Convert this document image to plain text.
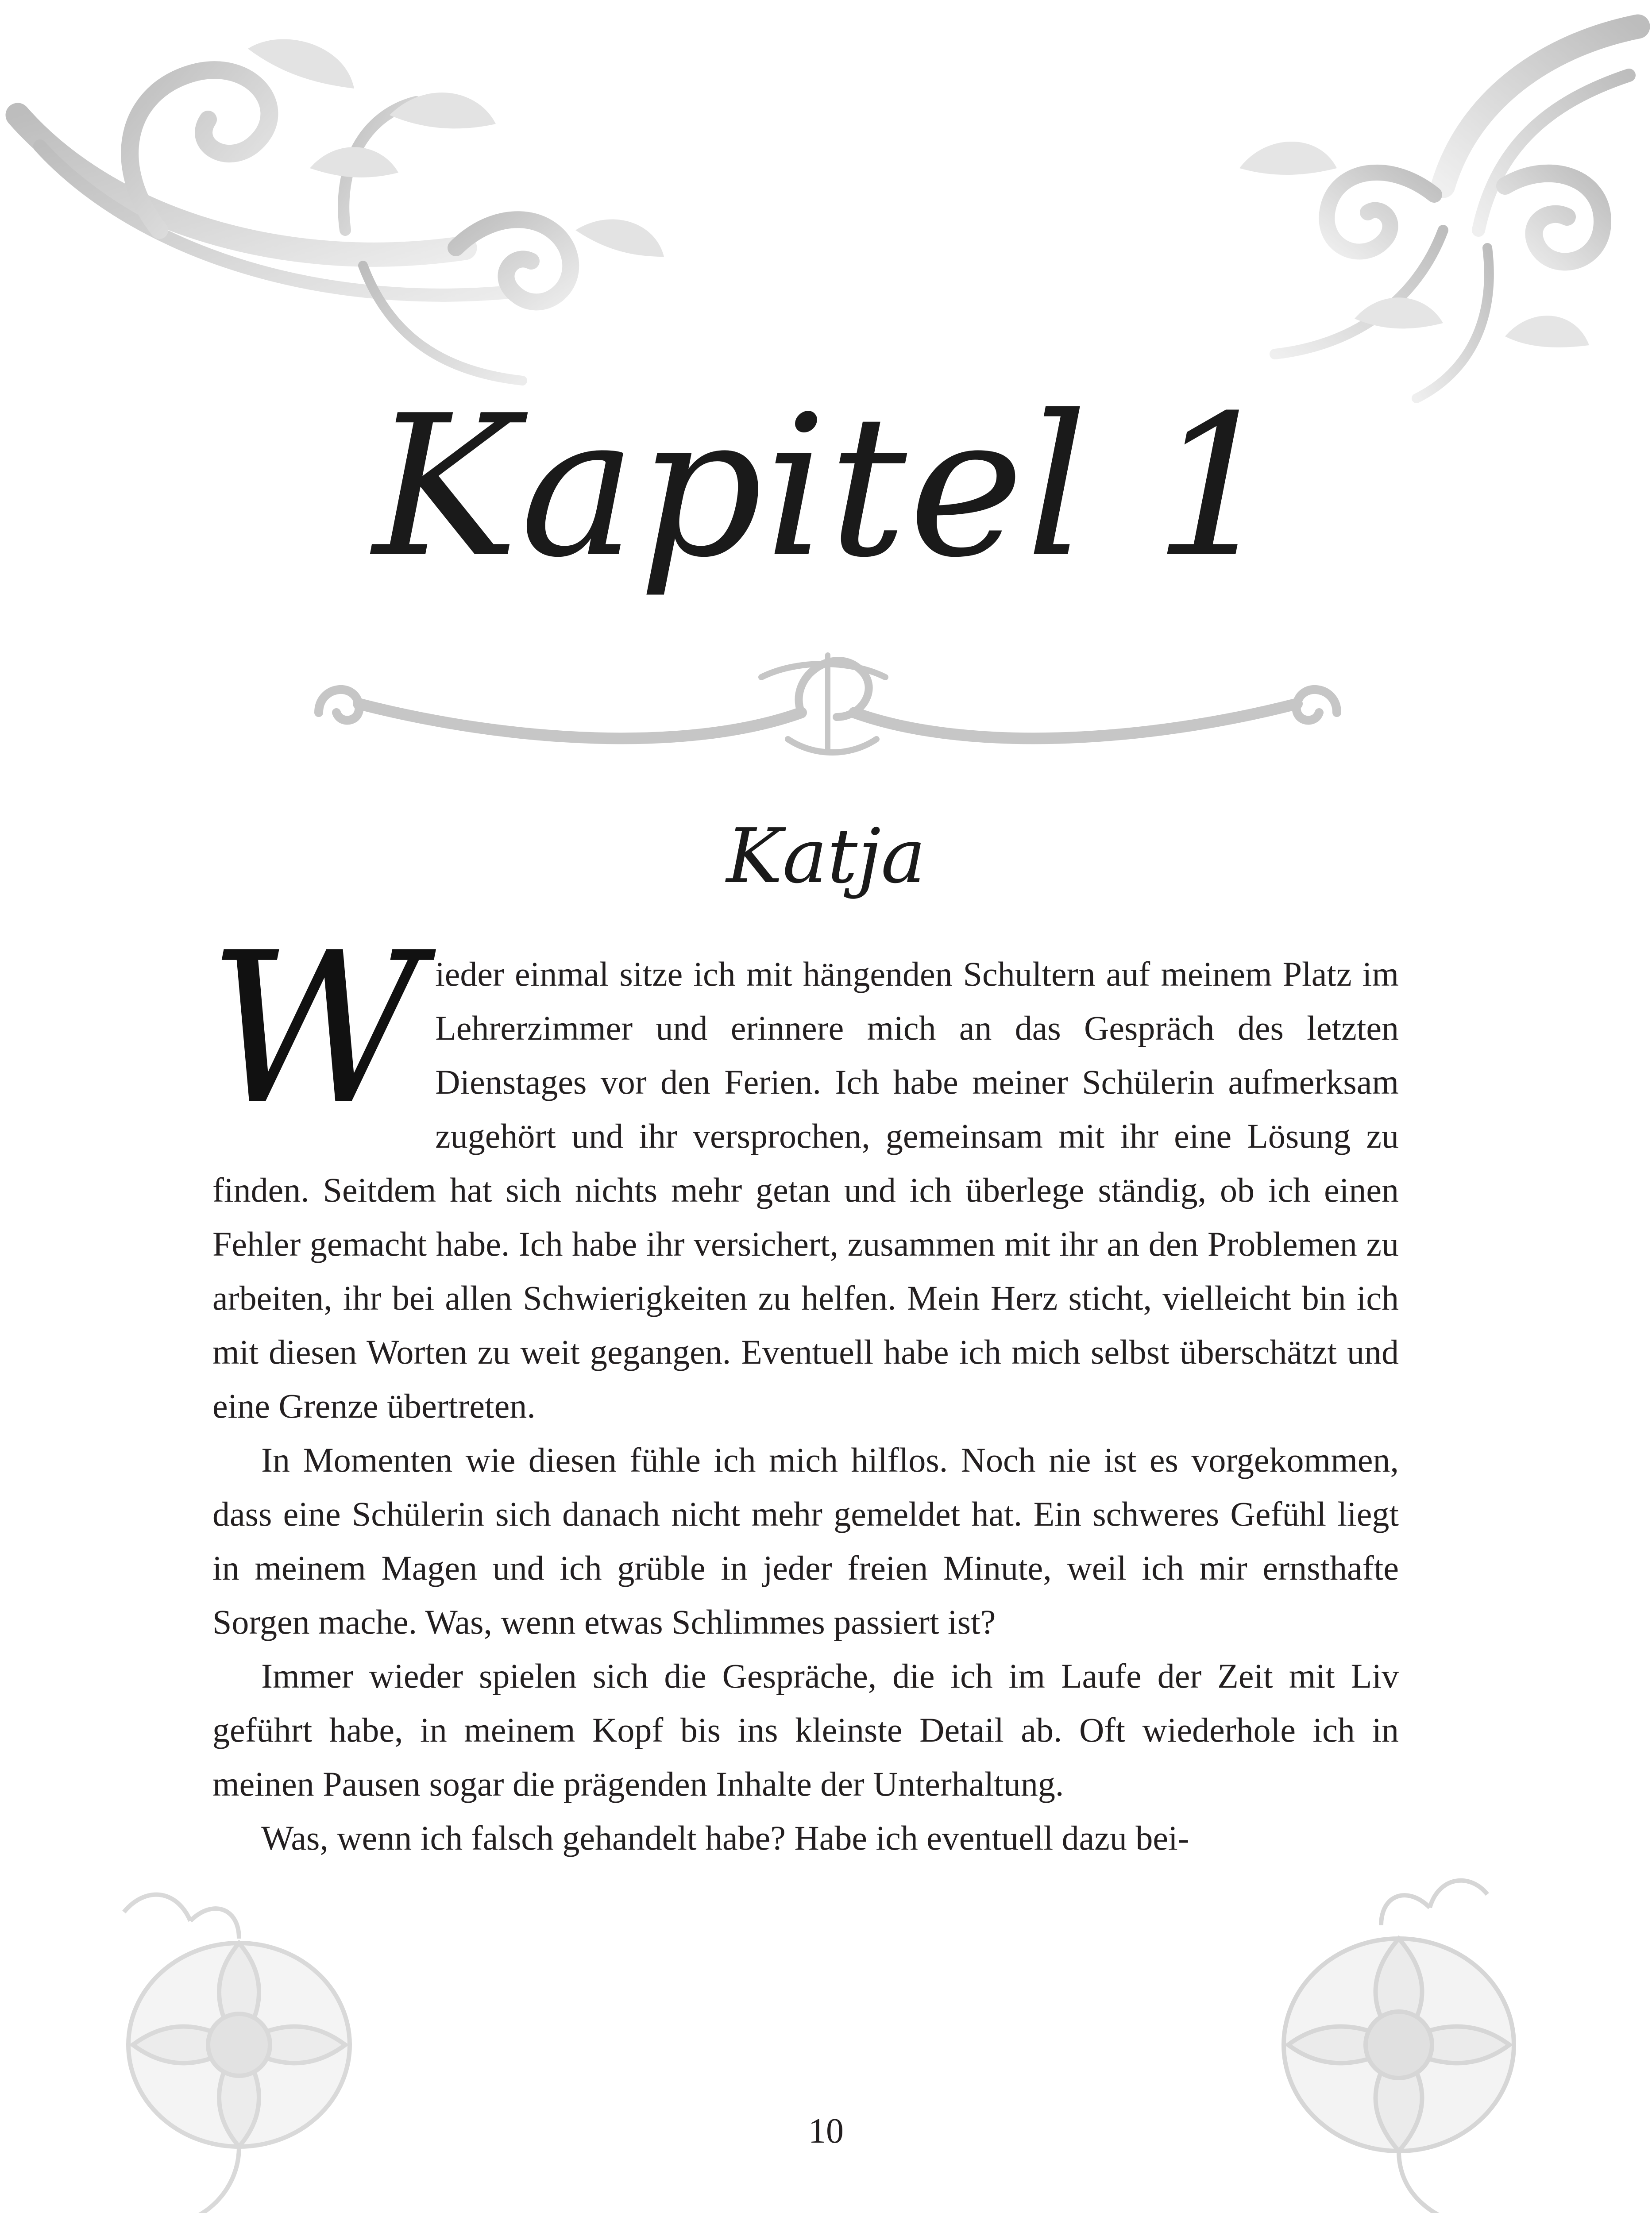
Kapitel 1
Katja

Wieder einmal sitze ich mit hängenden Schultern auf meinem Platz im Lehrerzimmer und erinnere mich an das Gespräch des letzten Dienstages vor den Ferien. Ich habe meiner Schülerin aufmerksam zugehört und ihr versprochen, gemeinsam mit ihr eine Lösung zu finden. Seitdem hat sich nichts mehr getan und ich überlege ständig, ob ich einen Fehler gemacht habe. Ich habe ihr versichert, zusammen mit ihr an den Problemen zu arbeiten, ihr bei allen Schwierigkeiten zu helfen. Mein Herz sticht, vielleicht bin ich mit diesen Worten zu weit gegangen. Eventuell habe ich mich selbst überschätzt und eine Grenze übertreten.

In Momenten wie diesen fühle ich mich hilflos. Noch nie ist es vorgekommen, dass eine Schülerin sich danach nicht mehr gemeldet hat. Ein schweres Gefühl liegt in meinem Magen und ich grüble in jeder freien Minute, weil ich mir ernsthafte Sorgen mache. Was, wenn etwas Schlimmes passiert ist?

Immer wieder spielen sich die Gespräche, die ich im Laufe der Zeit mit Liv geführt habe, in meinem Kopf bis ins kleinste Detail ab. Oft wiederhole ich in meinen Pausen sogar die prägenden Inhalte der Unterhaltung.

Was, wenn ich falsch gehandelt habe? Habe ich eventuell dazu bei-

10
